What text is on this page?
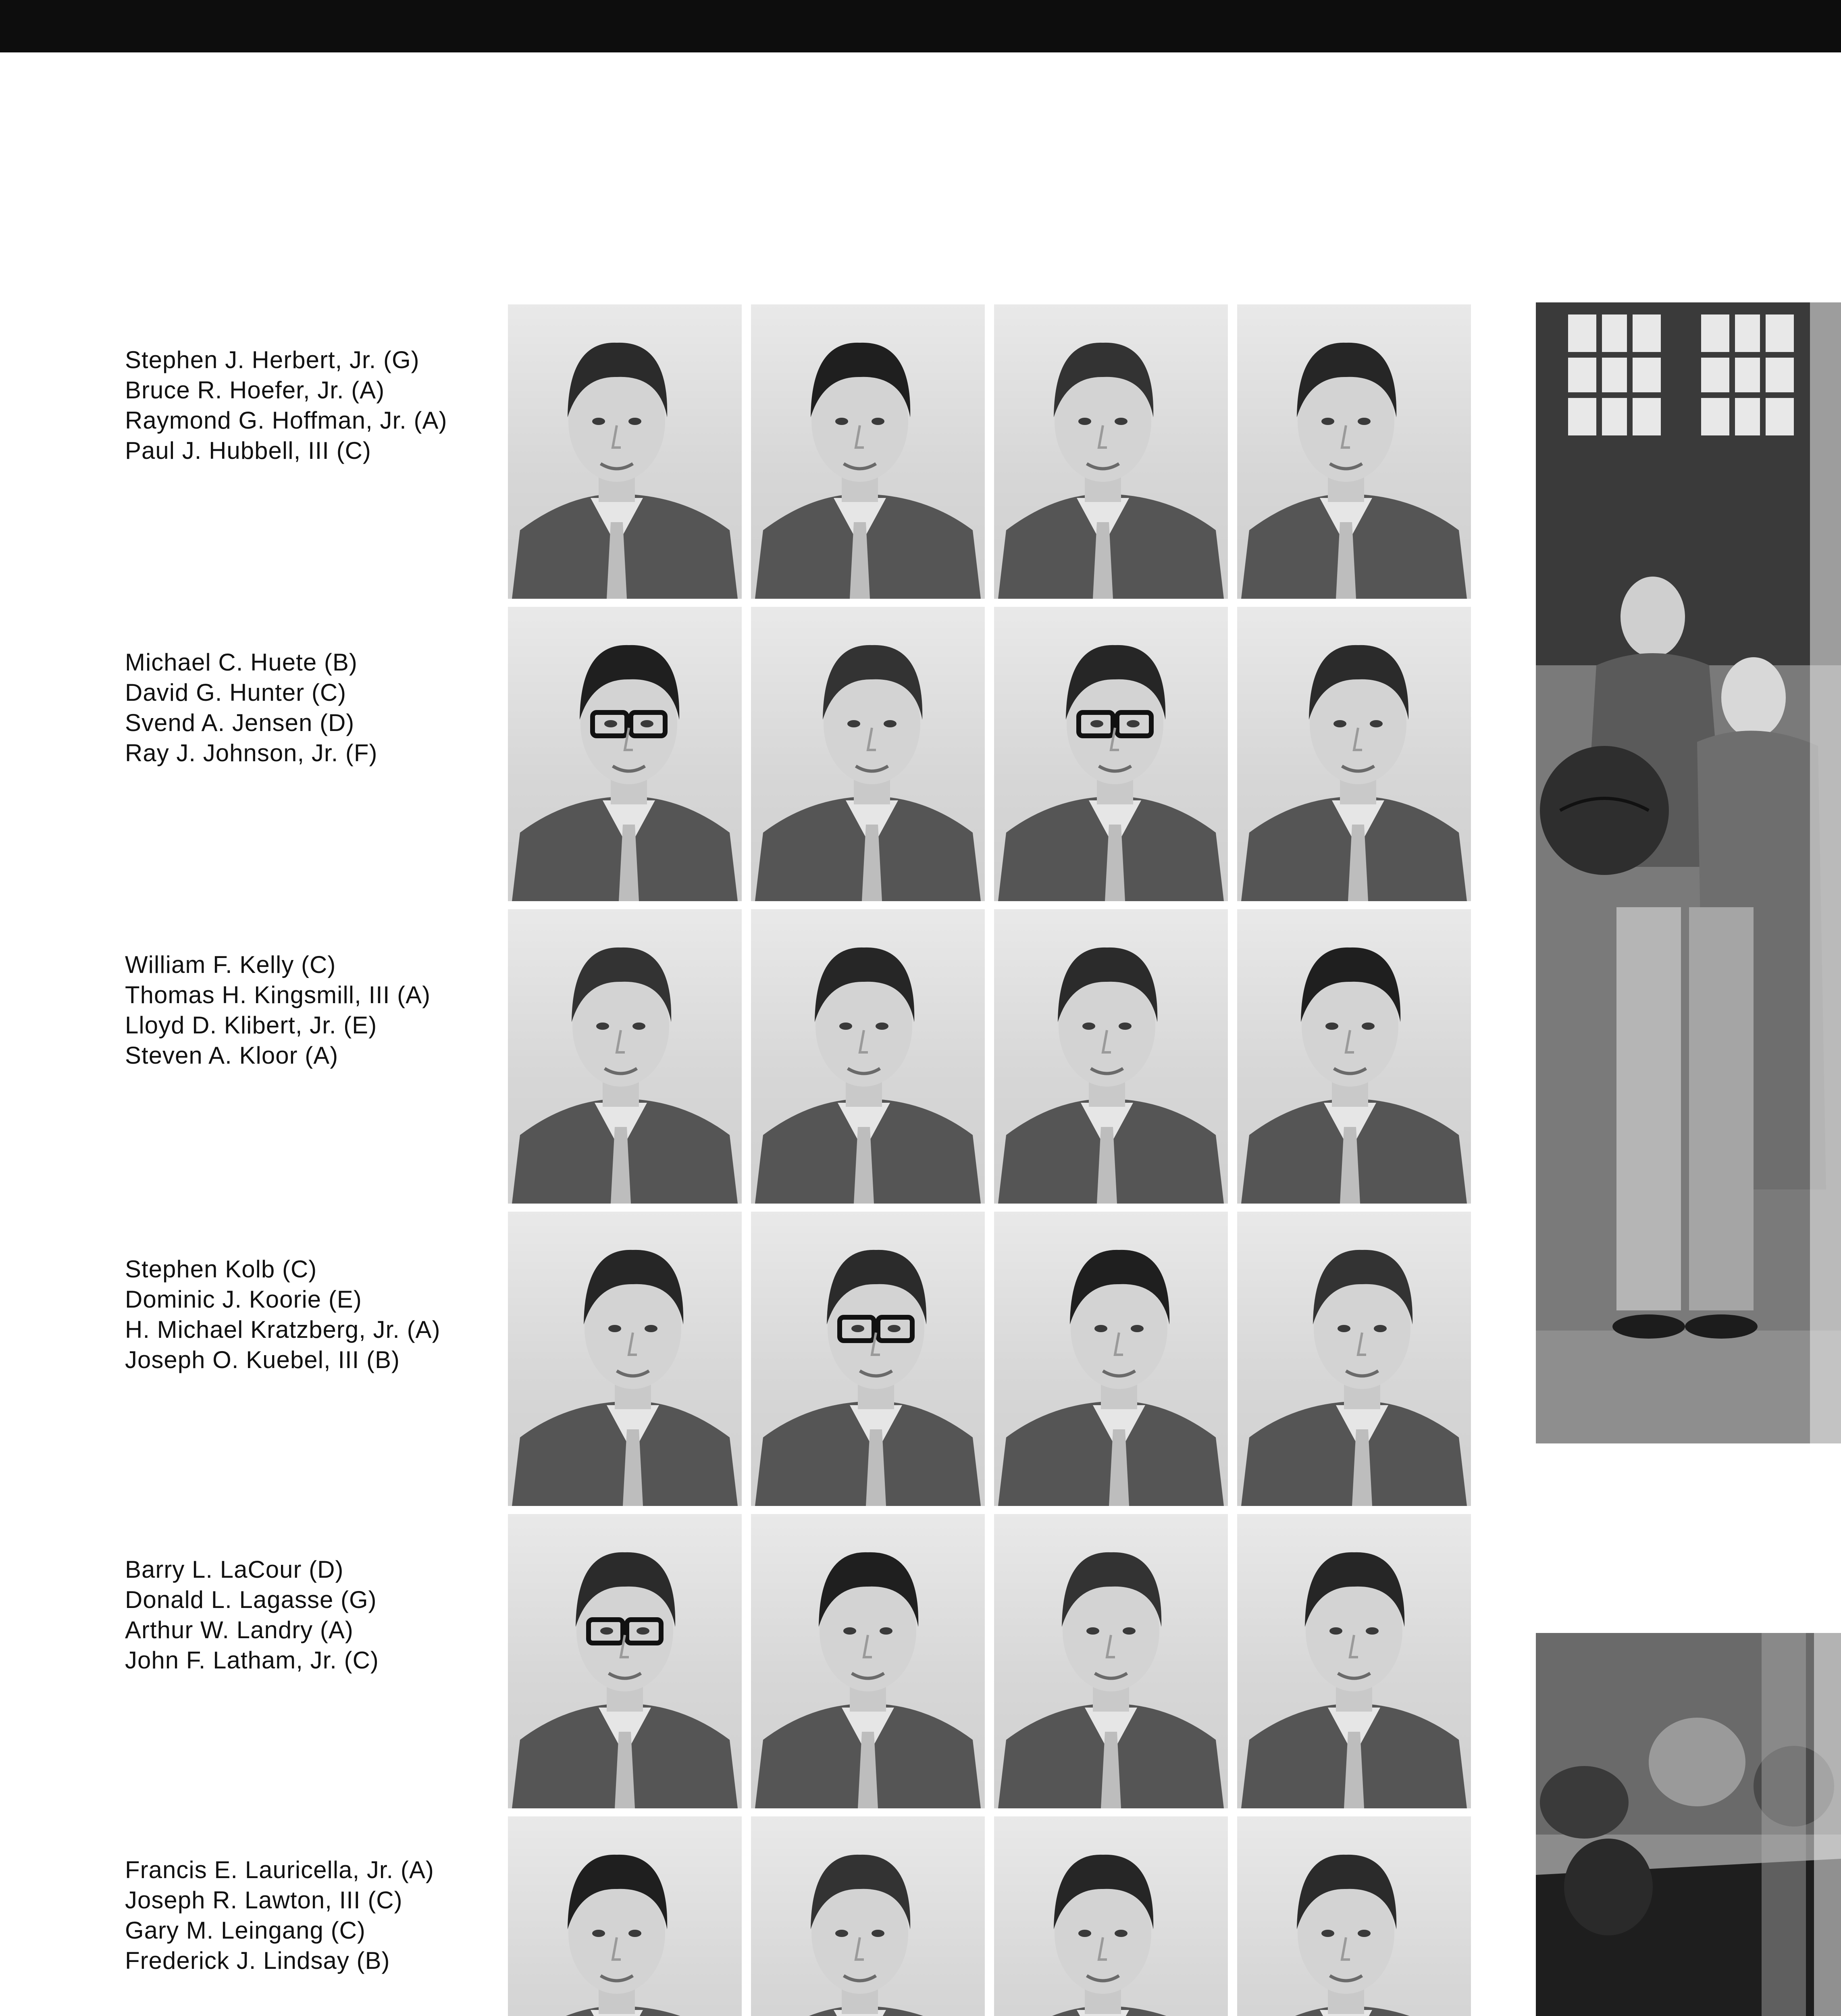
Stephen J. Herbert, Jr. (G)
Bruce R. Hoefer, Jr. (A)
Raymond G. Hoffman, Jr. (A)
Paul J. Hubbell, III (C)
Michael C. Huete (B)
David G. Hunter (C)
Svend A. Jensen (D)
Ray J. Johnson, Jr. (F)
William F. Kelly (C)
Thomas H. Kingsmill, III (A)
Lloyd D. Klibert, Jr. (E)
Steven A. Kloor (A)
Stephen Kolb (C)
Dominic J. Koorie (E)
H. Michael Kratzberg, Jr. (A)
Joseph O. Kuebel, III (B)
Barry L. LaCour (D)
Donald L. Lagasse (G)
Arthur W. Landry (A)
John F. Latham, Jr. (C)
Francis E. Lauricella, Jr. (A)
Joseph R. Lawton, III (C)
Gary M. Leingang (C)
Frederick J. Lindsay (B)
